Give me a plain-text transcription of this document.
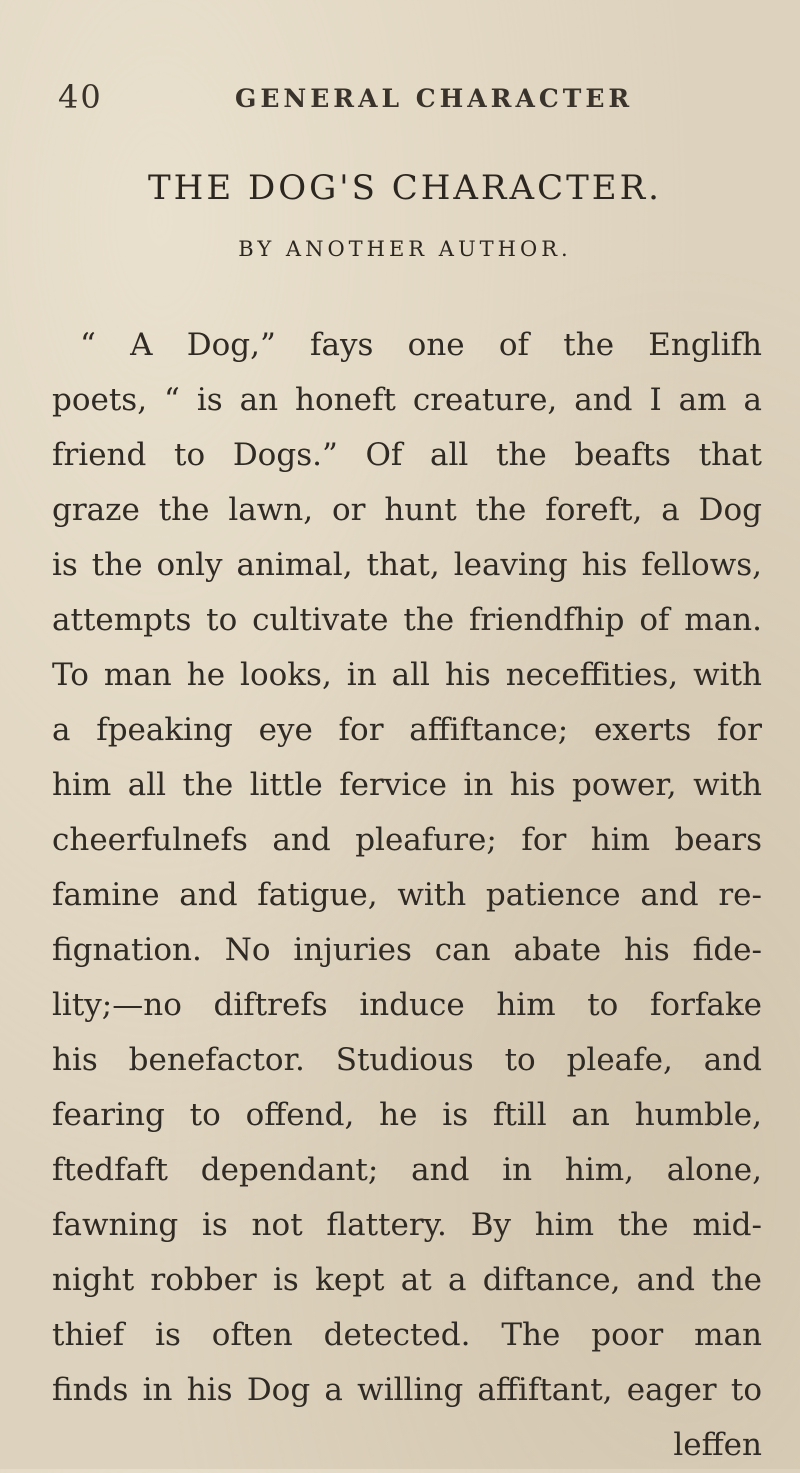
40	GENERAL CHARACTER
THE DOG'S CHARACTER.
BY ANOTHER AUTHOR.
“ A Dog,” fays one of the Englifh
poets, “ is an honeft creature, and I am a
friend to Dogs.” Of all the beafts that
graze the lawn, or hunt the foreft, a Dog
is the only animal, that, leaving his fellows,
attempts to cultivate the friendfhip of man.
To man he looks, in all his neceffities, with
a fpeaking eye for affiftance; exerts for
him all the little fervice in his power, with
cheerfulnefs and pleafure; for him bears
famine and fatigue, with patience and re-
fignation. No injuries can abate his fide-
lity;—no diftrefs induce him to forfake
his benefactor. Studious to pleafe, and
fearing to offend, he is ftill an humble,
ftedfaft dependant; and in him, alone,
fawning is not flattery. By him the mid-
night robber is kept at a diftance, and the
thief is often detected. The poor man
finds in his Dog a willing affiftant, eager to
leffen
